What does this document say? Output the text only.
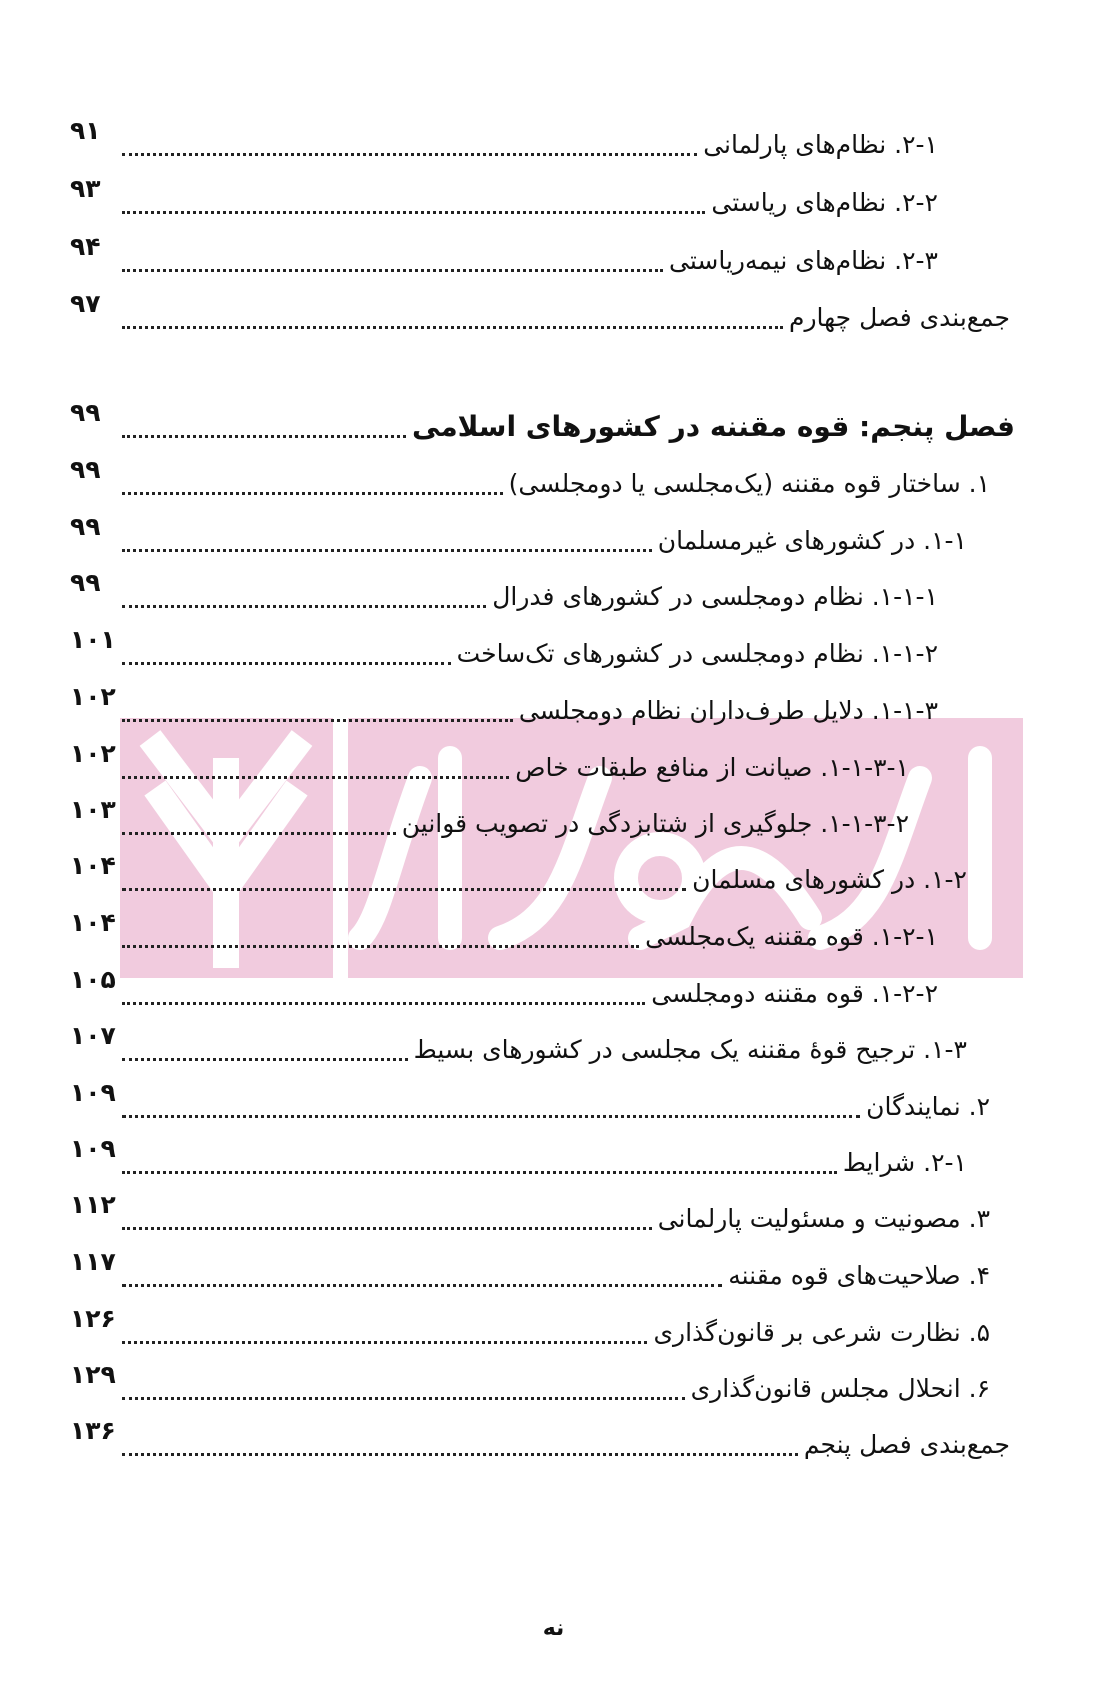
۹۱	۲-۱. نظام‌های پارلمانی
۹۳	۲-۲. نظام‌های ریاستی
۹۴	۲-۳. نظام‌های نیمه‌ریاستی
۹۷	جمع‌بندی فصل چهارم
۹۹	فصل پنجم: قوه مقننه در کشورهای اسلامی
۹۹	۱. ساختار قوه مقننه (یک‌مجلسی یا دومجلسی)
۹۹	۱-۱. در کشورهای غیرمسلمان
۹۹	۱-۱-۱. نظام دومجلسی در کشورهای فدرال
۱۰۱	۱-۱-۲. نظام دومجلسی در کشورهای تک‌ساخت
۱۰۲	۱-۱-۳. دلایل طرف‌داران نظام دومجلسی
۱۰۲	۱-۱-۳-۱. صیانت از منافع طبقات خاص
۱۰۳	۱-۱-۳-۲. جلوگیری از شتابزدگی در تصویب قوانین
۱۰۴	۱-۲. در کشورهای مسلمان
۱۰۴	۱-۲-۱. قوه مقننه یک‌مجلسی
۱۰۵	۱-۲-۲. قوه مقننه دومجلسی
۱۰۷	۱-۳. ترجیح قوهٔ مقننه یک مجلسی در کشورهای بسیط
۱۰۹	۲. نمایندگان
۱۰۹	۲-۱. شرایط
۱۱۲	۳. مصونیت و مسئولیت پارلمانی
۱۱۷	۴. صلاحیت‌های قوه مقننه
۱۲۶	۵. نظارت شرعی بر قانون‌گذاری
۱۲۹	۶. انحلال مجلس قانون‌گذاری
۱۳۶	جمع‌بندی فصل پنجم
نه
